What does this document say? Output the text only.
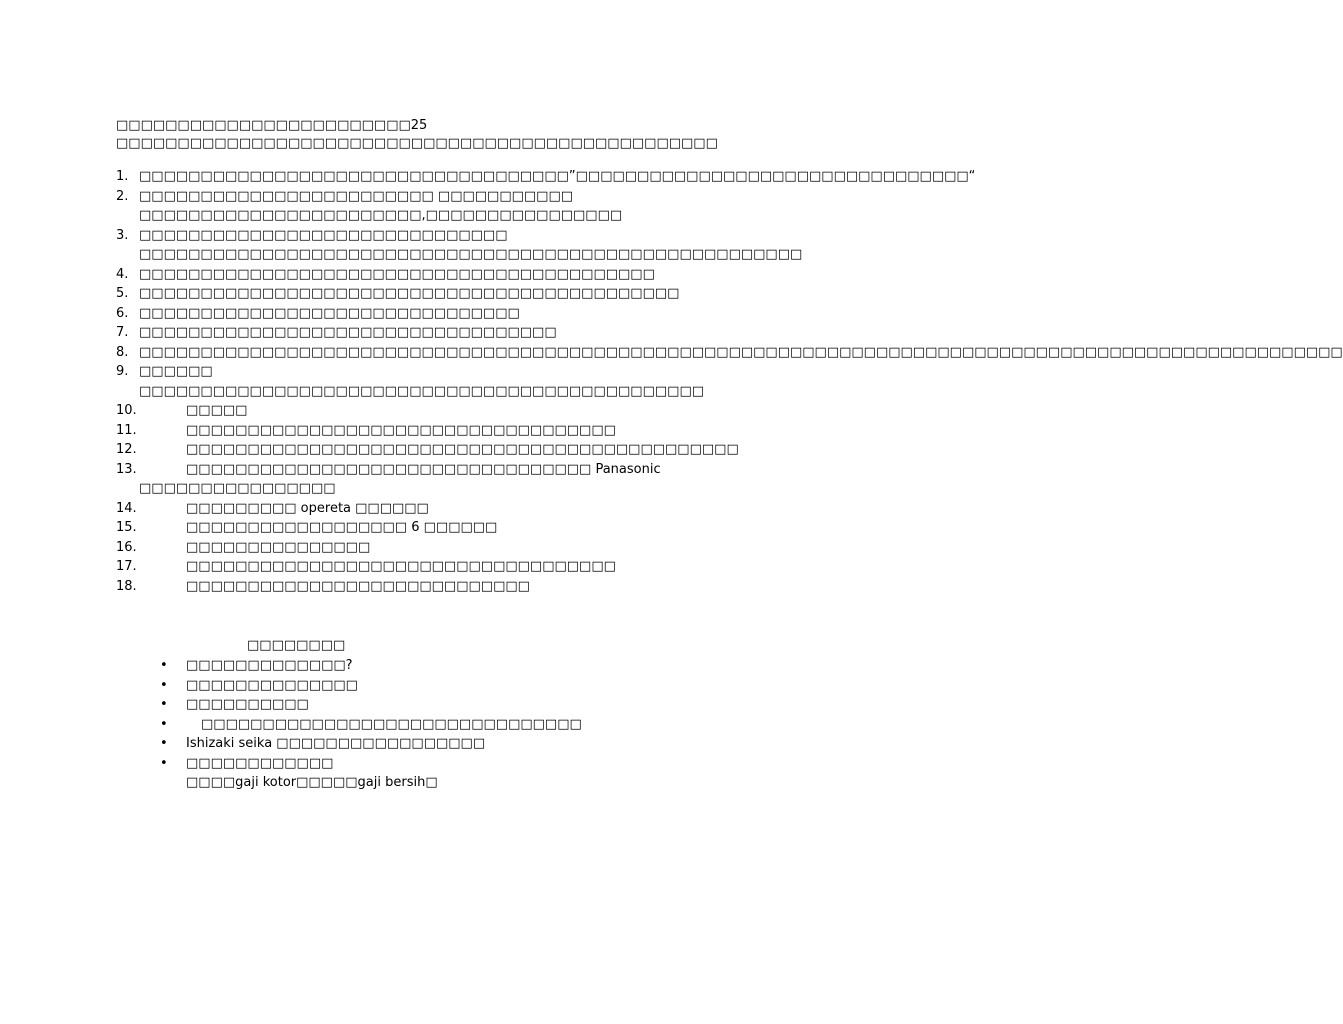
□□□□□□□□□□□□□□□□□□□□□□□□25 □□□□□□□□□□□□□□□□□□□□□□□□□□□□□□□□□□□□□□□□□□□□□□□□□

1. □□□□□□□□□□□□□□□□□□□□□□□□□□□□□□□□□□□”□□□□□□□□□□□□□□□□□□□□□□□□□□□□□□□□“
2. □□□□□□□□□□□□□□□□□□□□□□□□ □□□□□□□□□□□ □□□□□□□□□□□□□□□□□□□□□□□,□□□□□□□□□□□□□□□□
3. □□□□□□□□□□□□□□□□□□□□□□□□□□□□□□ □□□□□□□□□□□□□□□□□□□□□□□□□□□□□□□□□□□□□□□□□□□□□□□□□□□□□□
4. □□□□□□□□□□□□□□□□□□□□□□□□□□□□□□□□□□□□□□□□□□
5. □□□□□□□□□□□□□□□□□□□□□□□□□□□□□□□□□□□□□□□□□□□□
6. □□□□□□□□□□□□□□□□□□□□□□□□□□□□□□□
7. □□□□□□□□□□□□□□□□□□□□□□□□□□□□□□□□□□
8. □□□□□□□□□□□□□□□□□□□□□□□□□□□□□□□□□□□□□□□□□□□□□□□□□□□□□□□□□□□□□□□□□□□□□□□□□□□□□□□□□□□□□□□□□□□□□□□□□□
9. □□□□□□ □□□□□□□□□□□□□□□□□□□□□□□□□□□□□□□□□□□□□□□□□□□□□□
10.	□□□□□
11.	□□□□□□□□□□□□□□□□□□□□□□□□□□□□□□□□□□□
12.	□□□□□□□□□□□□□□□□□□□□□□□□□□□□□□□□□□□□□□□□□□□□□
13.	□□□□□□□□□□□□□□□□□□□□□□□□□□□□□□□□□ Panasonic □□□□□□□□□□□□□□□□
14.	□□□□□□□□□ opereta □□□□□□
15.	□□□□□□□□□□□□□□□□□□ 6 □□□□□□
16.	□□□□□□□□□□□□□□□
17.	□□□□□□□□□□□□□□□□□□□□□□□□□□□□□□□□□□□
18.	□□□□□□□□□□□□□□□□□□□□□□□□□□□□
□□□□□□□□
• □□□□□□□□□□□□□?
• □□□□□□□□□□□□□□
• □□□□□□□□□□
•	□□□□□□□□□□□□□□□□□□□□□□□□□□□□□□□
• Ishizaki seika □□□□□□□□□□□□□□□□□
• □□□□□□□□□□□□
□□□□gaji kotor□□□□□gaji bersih□
